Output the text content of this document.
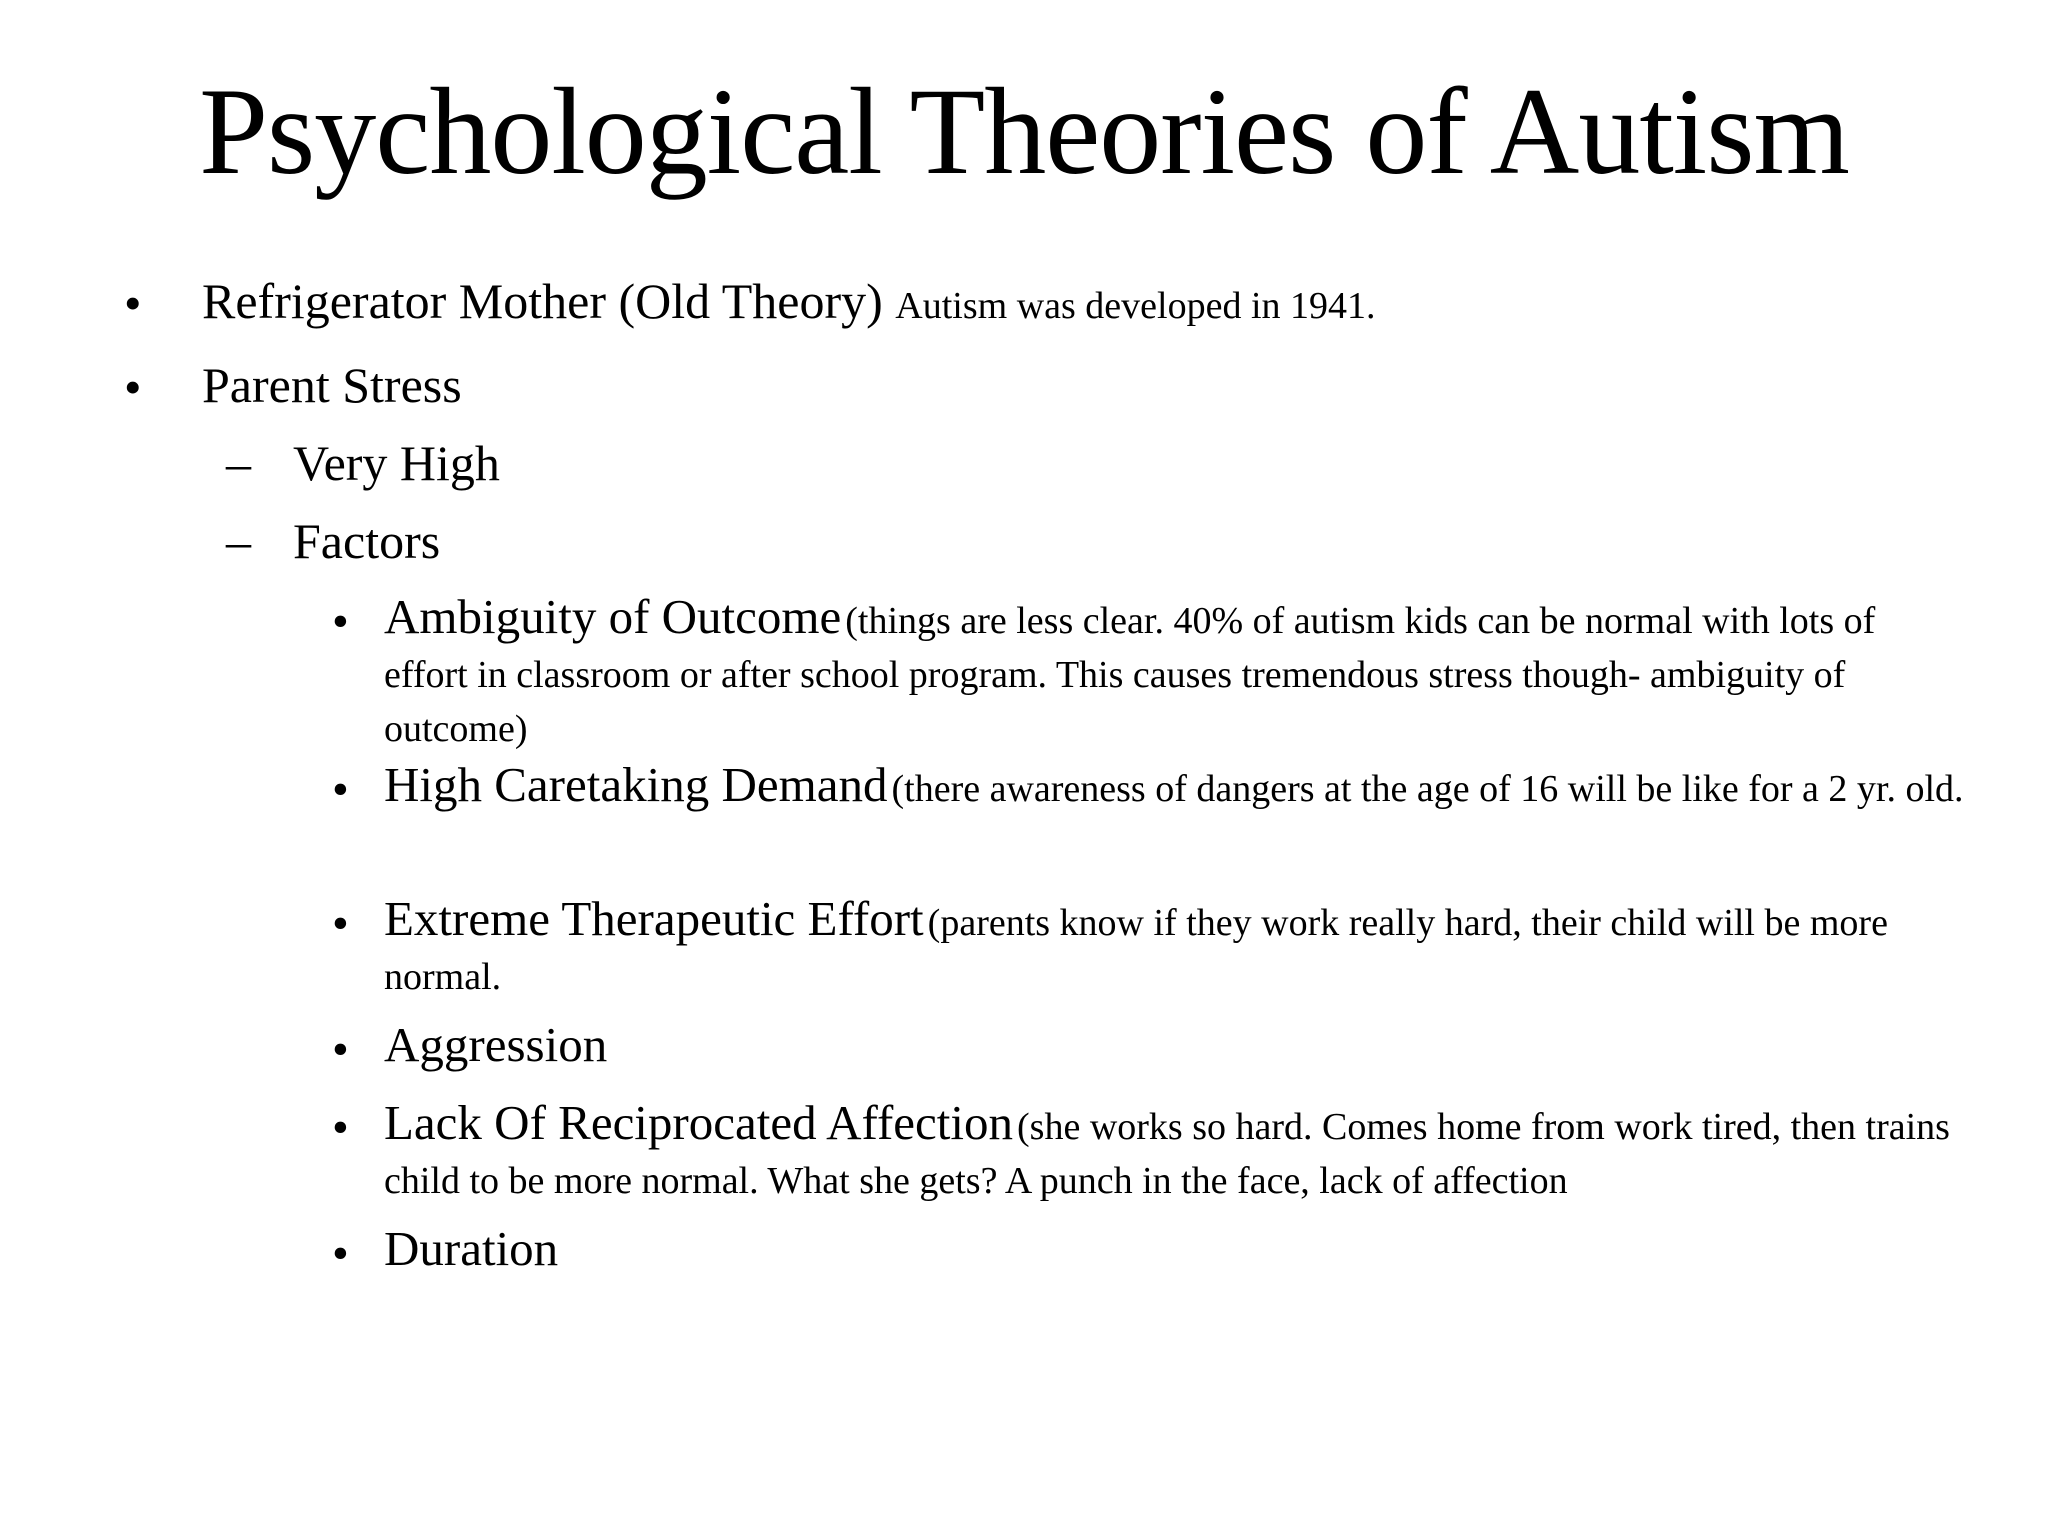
Psychological Theories of Autism
• Refrigerator Mother (Old Theory) Autism was developed in 1941.
• Parent Stress
– Very High
– Factors
• Ambiguity of Outcome (things are less clear. 40% of autism kids can be normal with lots of effort in classroom or after school program. This causes tremendous stress though- ambiguity of outcome)
• High Caretaking Demand (there awareness of dangers at the age of 16 will be like for a 2 yr. old.
• Extreme Therapeutic Effort (parents know if they work really hard, their child will be more normal.
• Aggression
• Lack Of Reciprocated Affection (she works so hard. Comes home from work tired, then trains child to be more normal. What she gets? A punch in the face, lack of affection
• Duration
